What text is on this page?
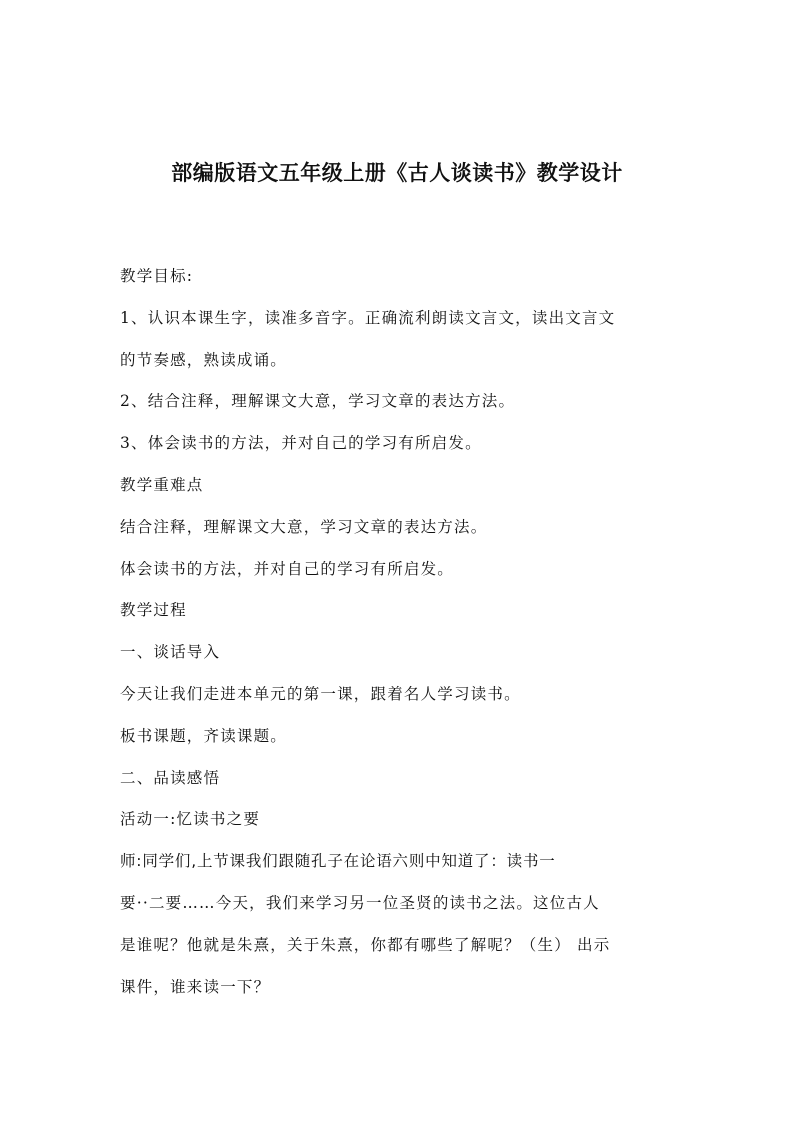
部编版语文五年级上册《古人谈读书》教学设计
教学目标:
1、认识本课生字，读准多音字。正确流利朗读文言文，读出文言文
的节奏感，熟读成诵。
2、结合注释，理解课文大意，学习文章的表达方法。
3、体会读书的方法，并对自己的学习有所启发。
教学重难点
结合注释，理解课文大意，学习文章的表达方法。
体会读书的方法，并对自己的学习有所启发。
教学过程
一、谈话导入
今天让我们走进本单元的第一课，跟着名人学习读书。
板书课题，齐读课题。
二、品读感悟
活动一:忆读书之要
师:同学们,上节课我们跟随孔子在论语六则中知道了：读书一
要··二要……今天，我们来学习另一位圣贤的读书之法。这位古人
是谁呢？他就是朱熹，关于朱熹，你都有哪些了解呢？（生） 出示
课件，谁来读一下？
